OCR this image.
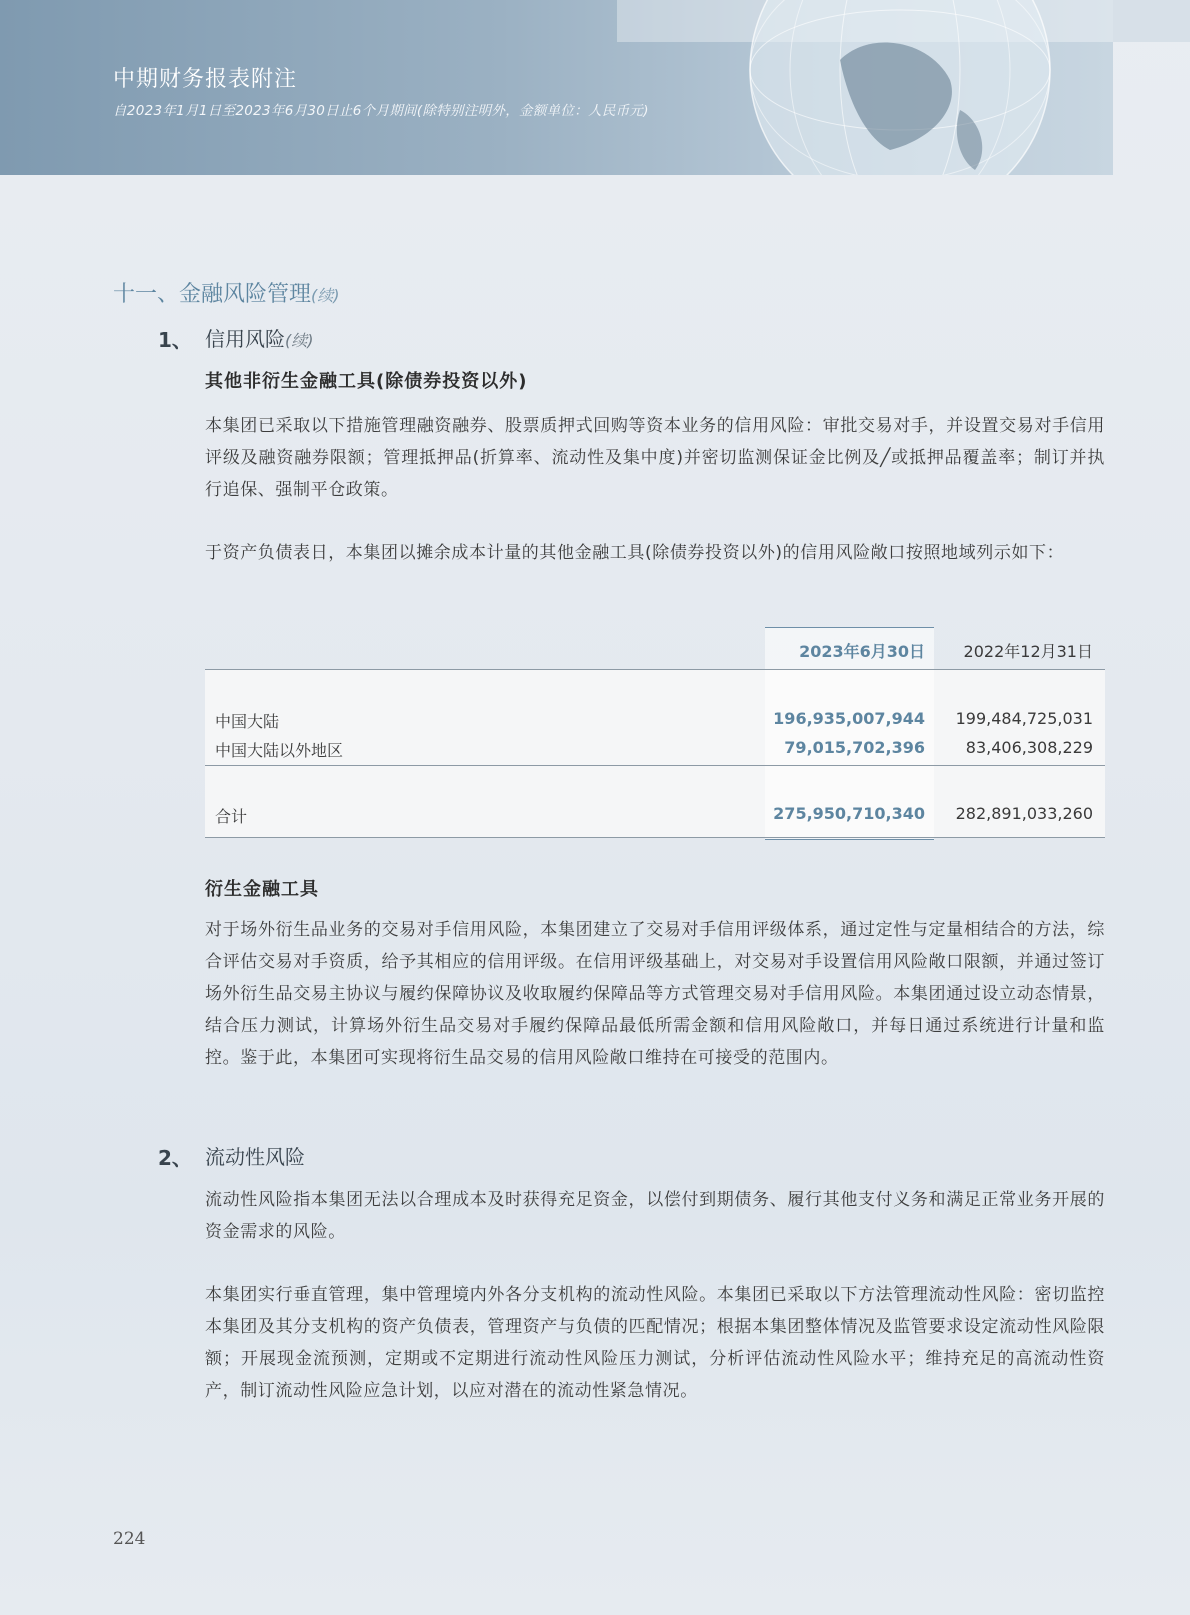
中期财务报表附注
自2023年1月1日至2023年6月30日止6个月期间(除特别注明外，金额单位：人民币元)
十一、金融风险管理(续)
1、 信用风险(续)
其他非衍生金融工具(除债券投资以外)

本集团已采取以下措施管理融资融券、股票质押式回购等资本业务的信用风险：审批交易对手，并设置交易对手信用评级及融资融券限额；管理抵押品(折算率、流动性及集中度)并密切监测保证金比例及╱或抵押品覆盖率；制订并执行追保、强制平仓政策。

于资产负债表日，本集团以摊余成本计量的其他金融工具(除债券投资以外)的信用风险敞口按照地域列示如下：

2023年6月30日 2022年12月31日
中国大陆	196,935,007,944 199,484,725,031
中国大陆以外地区	79,015,702,396	83,406,308,229
合计	275,950,710,340 282,891,033,260
衍生金融工具

对于场外衍生品业务的交易对手信用风险，本集团建立了交易对手信用评级体系，通过定性与定量相结合的方法，综合评估交易对手资质，给予其相应的信用评级。在信用评级基础上，对交易对手设置信用风险敞口限额，并通过签订场外衍生品交易主协议与履约保障协议及收取履约保障品等方式管理交易对手信用风险。本集团通过设立动态情景，结合压力测试，计算场外衍生品交易对手履约保障品最低所需金额和信用风险敞口，并每日通过系统进行计量和监控。鉴于此，本集团可实现将衍生品交易的信用风险敞口维持在可接受的范围内。

2、 流动性风险

流动性风险指本集团无法以合理成本及时获得充足资金，以偿付到期债务、履行其他支付义务和满足正常业务开展的资金需求的风险。

本集团实行垂直管理，集中管理境内外各分支机构的流动性风险。本集团已采取以下方法管理流动性风险：密切监控本集团及其分支机构的资产负债表，管理资产与负债的匹配情况；根据本集团整体情况及监管要求设定流动性风险限额；开展现金流预测，定期或不定期进行流动性风险压力测试，分析评估流动性风险水平；维持充足的高流动性资产，制订流动性风险应急计划，以应对潜在的流动性紧急情况。

224
